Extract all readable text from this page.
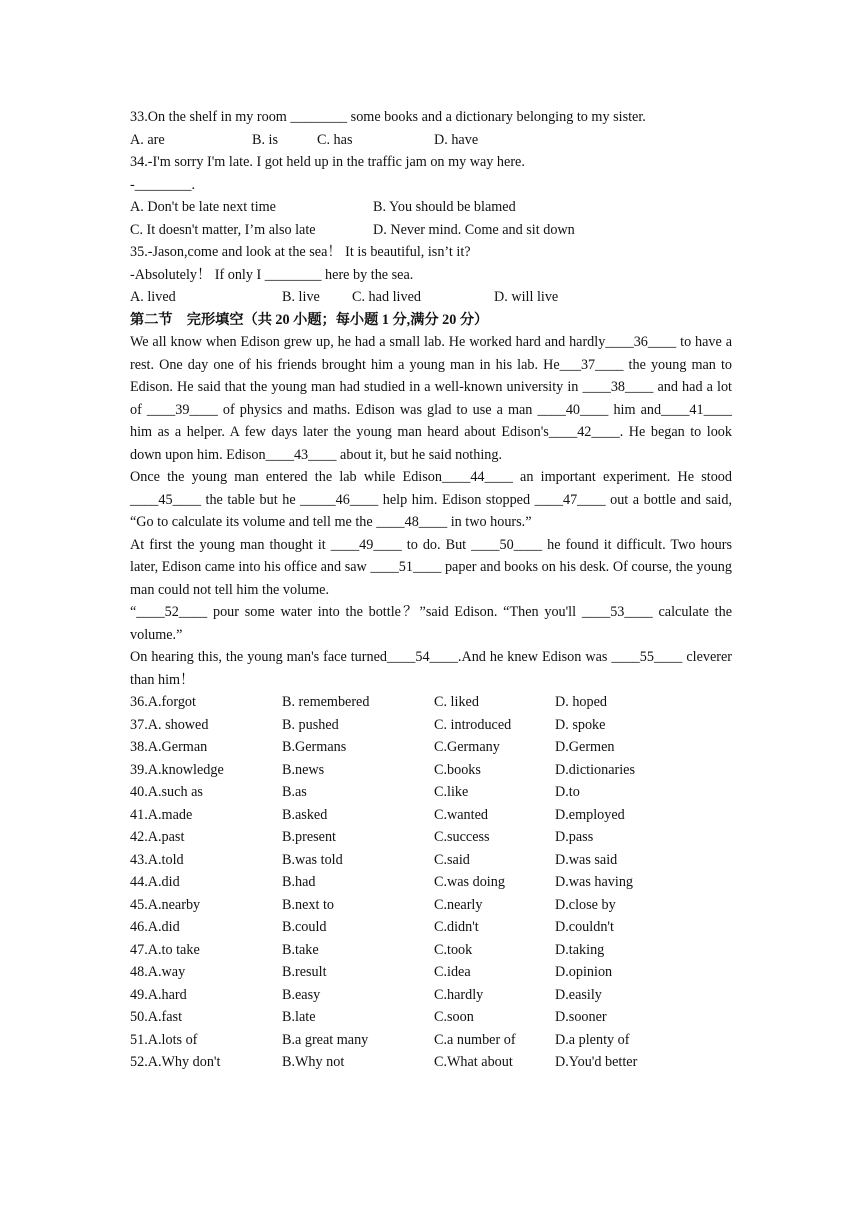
33.On the shelf in my room ________ some books and a dictionary belonging to my sister.
A. are	B. is	C. has	D. have
34.-I'm sorry I'm late. I got held up in the traffic jam on my way here.
-________.
A. Don't be late next time	B. You should be blamed
C. It doesn't matter, I’m also late	D. Never mind. Come and sit down
35.-Jason,come and look at the sea！ It is beautiful, isn’t it?
-Absolutely！ If only I ________ here by the sea.
A. lived	B. live C. had lived	D. will live
第二节　完形填空（共 20 小题；每小题 1 分,满分 20 分）
We all know when Edison grew up, he had a small lab. He worked hard and hardly____36____ to have a rest. One day one of his friends brought him a young man in his lab. He___37____ the young man to Edison. He said that the young man had studied in a well-known university in ____38____ and had a lot of ____39____ of physics and maths. Edison was glad to use a man ____40____ him and____41____ him as a helper. A few days later the young man heard about Edison's____42____. He began to look down upon him. Edison____43____ about it, but he said nothing.
Once the young man entered the lab while Edison____44____ an important experiment. He stood ____45____ the table but he _____46____ help him. Edison stopped ____47____ out a bottle and said, “Go to calculate its volume and tell me the ____48____ in two hours.”
At first the young man thought it ____49____ to do. But ____50____ he found it difficult. Two hours later, Edison came into his office and saw ____51____ paper and books on his desk. Of course, the young man could not tell him the volume.
“____52____ pour some water into the bottle？”said Edison. “Then you'll ____53____ calculate the volume.”
On hearing this, the young man's face turned____54____.And he knew Edison was ____55____ cleverer than him！
36.A.forgot	B. remembered	C. liked	D. hoped
37.A. showed	B. pushed	C. introduced	D. spoke
38.A.German	B.Germans	C.Germany	D.Germen
39.A.knowledge	B.news	C.books	D.dictionaries
40.A.such as	B.as	C.like	D.to
41.A.made	B.asked	C.wanted	D.employed
42.A.past	B.present	C.success	D.pass
43.A.told	B.was told	C.said	D.was said
44.A.did	B.had	C.was doing	D.was having
45.A.nearby	B.next to	C.nearly	D.close by
46.A.did	B.could	C.didn't	D.couldn't
47.A.to take	B.take	C.took	D.taking
48.A.way	B.result	C.idea	D.opinion
49.A.hard	B.easy	C.hardly	D.easily
50.A.fast	B.late	C.soon	D.sooner
51.A.lots of	B.a great many	C.a number of	D.a plenty of
52.A.Why don't	B.Why not	C.What about	D.You'd better
